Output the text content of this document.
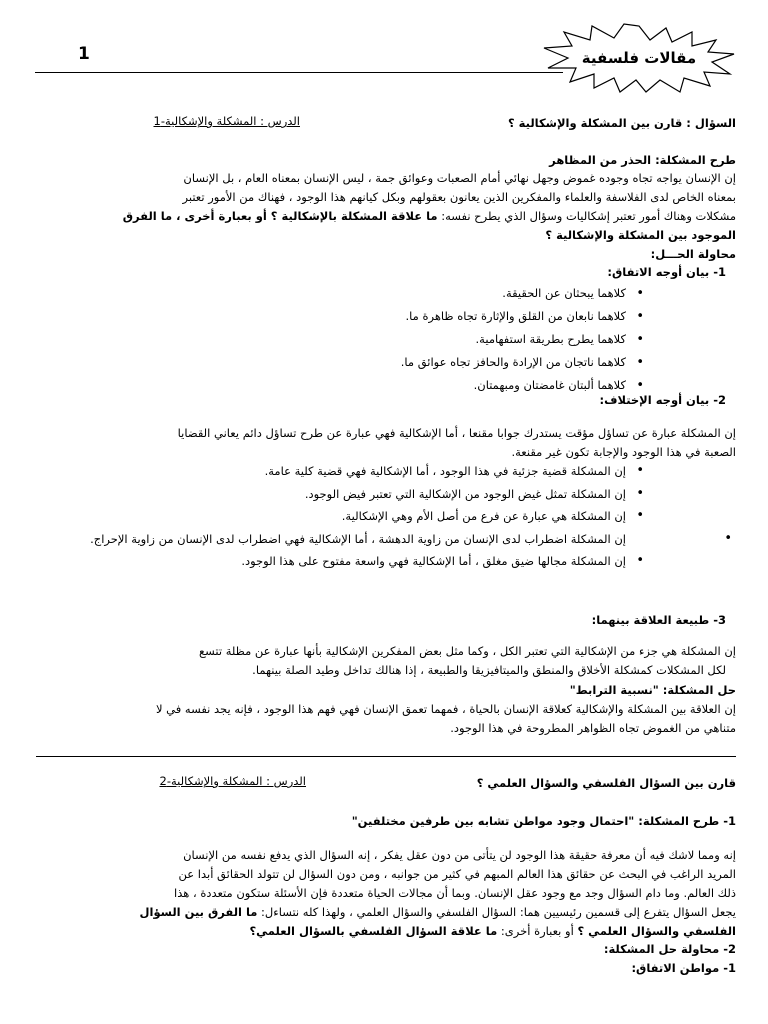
1	مقالات فلسفية
السؤال : قارن بين المشكلة والإشكالية ؟
الدرس : المشكلة والإشكالية-1
طرح المشكلة: الحذر من المظاهر
إن الإنسان يواجه تجاه وجوده غموض وجهل نهائي أمام الصعبات وعوائق جمة ، ليس الإنسان بمعناه العام ، بل الإنسان
بمعناه الخاص لدى الفلاسفة والعلماء والمفكرين الذين يعانون بعقولهم وبكل كيانهم هذا الوجود ، فهناك من الأمور تعتبر
مشكلات وهناك أمور تعتبر إشكاليات وسؤال الذي يطرح نفسه: ما علاقة المشكلة بالإشكالية ؟ أو بعبارة أخرى ، ما الفرق
الموجود بين المشكلة والإشكالية ؟
محاولة الحـــل:
1- بيان أوجه الاتفاق:
• كلاهما يبحثان عن الحقيقة.
• كلاهما نابعان من القلق والإثارة تجاه ظاهرة ما.
• كلاهما يطرح بطريقة استفهامية.
• كلاهما ناتجان من الإرادة والحافز تجاه عوائق ما.
• كلاهما ألبتان غامضتان ومبهمتان.
2- بيان أوجه الإختلاف:
إن المشكلة عبارة عن تساؤل مؤقت يستدرك جوابا مقنعا ، أما الإشكالية فهي عبارة عن طرح تساؤل دائم يعاني القضايا
الصعبة في هذا الوجود والإجابة تكون غير مقنعة.
• إن المشكلة قضية جزئية في هذا الوجود ، أما الإشكالية فهي قضية كلية عامة.
• إن المشكلة تمثل غيض الوجود من الإشكالية التي تعتبر فيض الوجود.
• إن المشكلة هي عبارة عن فرع من أصل الأم وهي الإشكالية.
• إن المشكلة اضطراب لدى الإنسان من زاوية الدهشة ، أما الإشكالية فهي اضطراب لدى الإنسان من زاوية الإحراج.
• إن المشكلة مجالها ضيق مغلق ، أما الإشكالية فهي واسعة مفتوح على هذا الوجود.
3- طبيعة العلاقة بينهما:
إن المشكلة هي جزء من الإشكالية التي تعتبر الكل ، وكما مثل بعض المفكرين الإشكالية بأنها عبارة عن مظلة تتسع
لكل المشكلات كمشكلة الأخلاق والمنطق والميتافيزيقا والطبيعة ، إذا هنالك تداخل وطيد الصلة بينهما.
حل المشكلة: "نسبية الترابط"
إن العلاقة بين المشكلة والإشكالية كعلاقة الإنسان بالحياة ، فمهما تعمق الإنسان فهي فهم هذا الوجود ، فإنه يجد نفسه في لا
متناهي من الغموض تجاه الظواهر المطروحة في هذا الوجود.
قارن بين السؤال الفلسفي والسؤال العلمي ؟
الدرس : المشكلة والإشكالية-2
1- طرح المشكلة: "احتمال وجود مواطن تشابه بين طرفين مختلفين"
إنه ومما لاشك فيه أن معرفة حقيقة هذا الوجود لن يتأتى من دون عقل يفكر ، إنه السؤال الذي يدفع نفسه من الإنسان
المريد الراغب في البحث عن حقائق هذا العالم المبهم في كثير من جوانبه ، ومن دون السؤال لن تتولد الحقائق أبدا عن
ذلك العالم. وما دام السؤال وجد مع وجود عقل الإنسان. وبما أن مجالات الحياة متعددة فإن الأسئلة ستكون متعددة ، هذا
يجعل السؤال يتفرع إلى قسمين رئيسيين هما: السؤال الفلسفي والسؤال العلمي ، ولهذا كله نتساءل: ما الفرق بين السؤال
الفلسفي والسؤال العلمي ؟ أو بعبارة أخرى: ما علاقة السؤال الفلسفي بالسؤال العلمي؟
2- محاولة حل المشكلة:
1- مواطن الاتفاق:
